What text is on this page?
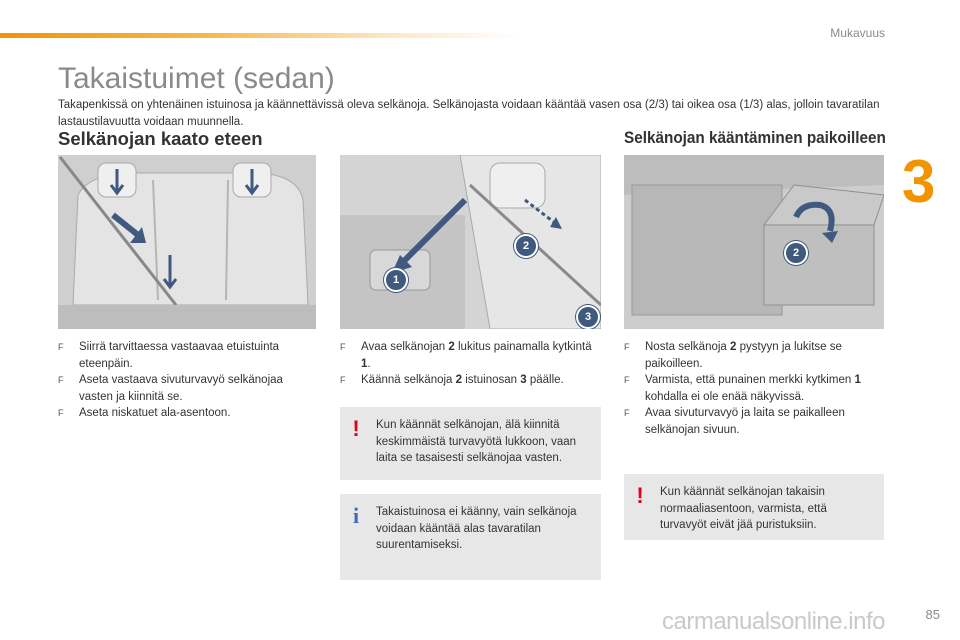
Mukavuus
3
Takaistuimet (sedan)
Takapenkissä on yhtenäinen istuinosa ja käännettävissä oleva selkänoja. Selkänojasta voidaan kääntää vasen osa (2/3) tai oikea osa (1/3) alas, jolloin tavaratilan lastaustilavuutta voidaan muunnella.
Selkänojan kaato eteen	Selkänojan kääntäminen paikoilleen
1
2
3
2
F Siirrä tarvittaessa vastaavaa etuistuinta eteenpäin.
F Aseta vastaava sivuturvavyö selkänojaa vasten ja kiinnitä se.
F Aseta niskatuet ala-asentoon.
F Avaa selkänojan 2 lukitus painamalla kytkintä 1.
F Käännä selkänoja 2 istuinosan 3 päälle.
! Kun käännät selkänojan, älä kiinnitä keskimmäistä turvavyötä lukkoon, vaan laita se tasaisesti selkänojaa vasten.
i Takaistuinosa ei käänny, vain selkänoja voidaan kääntää alas tavaratilan suurentamiseksi.
F Nosta selkänoja 2 pystyyn ja lukitse se paikoilleen.
F Varmista, että punainen merkki kytkimen 1 kohdalla ei ole enää näkyvissä.
F Avaa sivuturvavyö ja laita se paikalleen selkänojan sivuun.
! Kun käännät selkänojan takaisin normaaliasentoon, varmista, että turvavyöt eivät jää puristuksiin.
carmanualsonline.info	85
